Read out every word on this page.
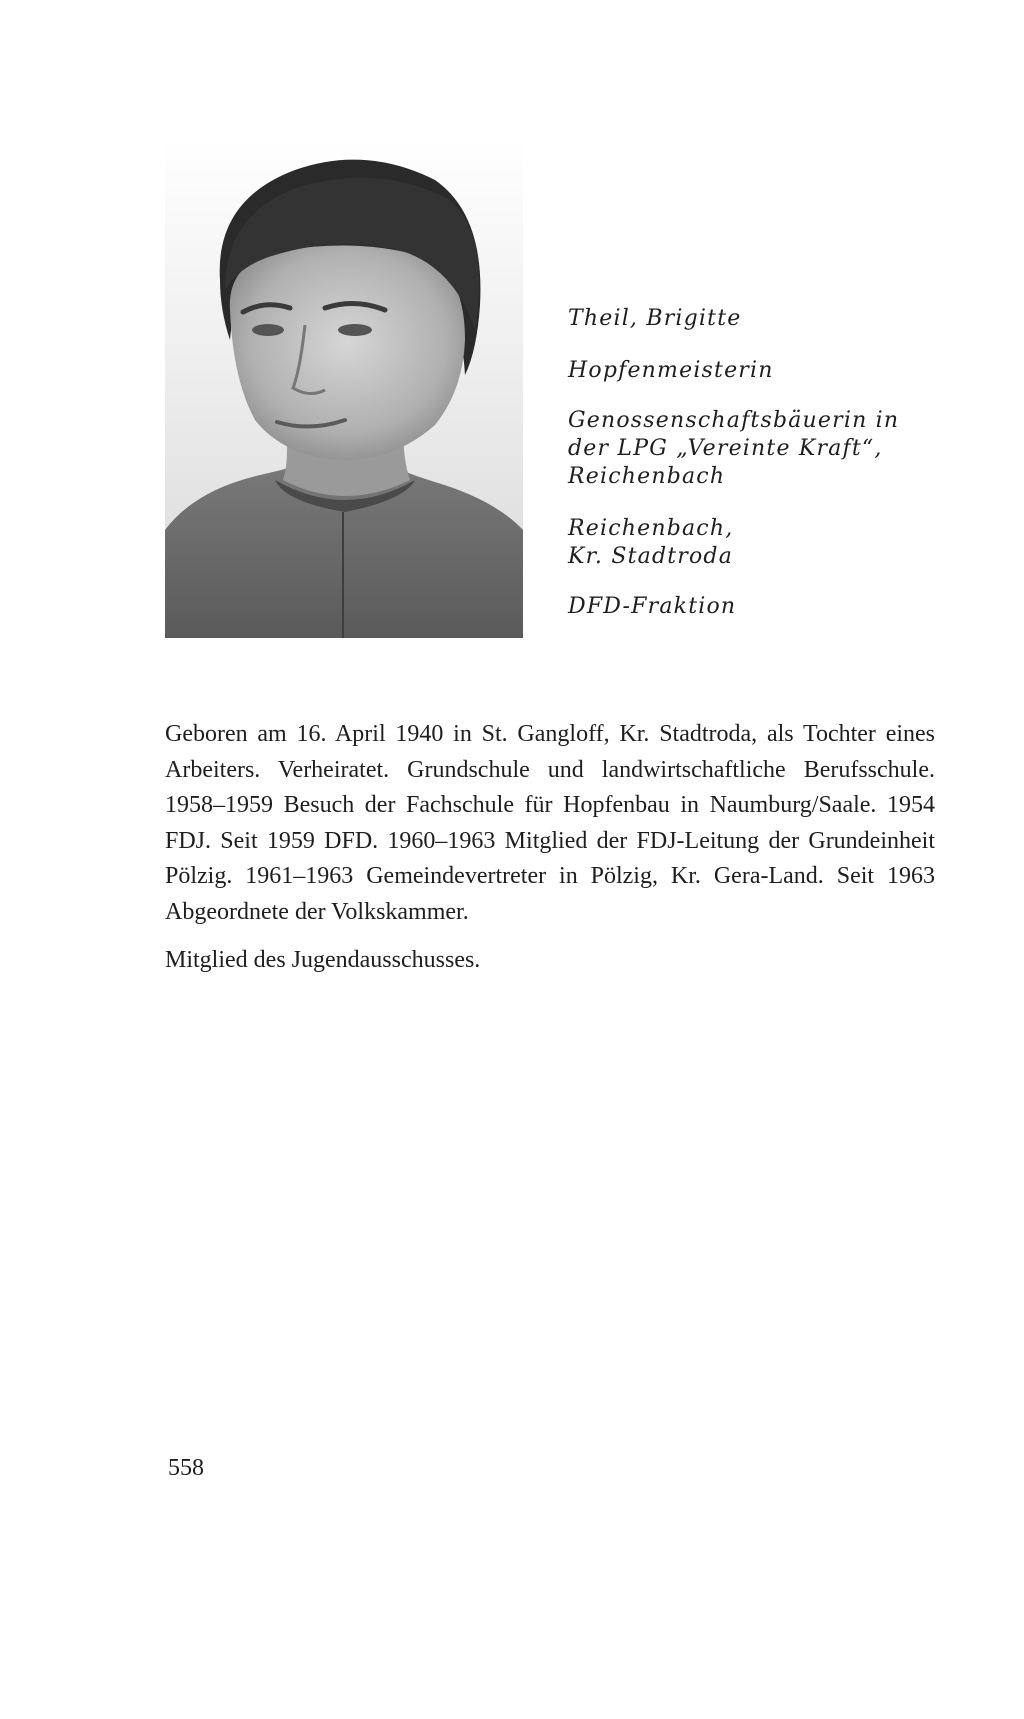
Theil, Brigitte

Hopfenmeisterin

Genossenschaftsbäuerin in
der LPG „Vereinte Kraft“,
Reichenbach

Reichenbach,
Kr. Stadtroda

DFD-Fraktion

Geboren am 16. April 1940 in St. Gangloff, Kr. Stadtroda, als Tochter eines Arbeiters. Verheiratet. Grundschule und landwirtschaftliche Berufsschule. 1958–1959 Besuch der Fachschule für Hopfenbau in Naumburg/Saale. 1954 FDJ. Seit 1959 DFD. 1960–1963 Mitglied der FDJ-Leitung der Grundeinheit Pölzig. 1961–1963 Gemeindevertreter in Pölzig, Kr. Gera-Land. Seit 1963 Abgeordnete der Volkskammer.

Mitglied des Jugendausschusses.

558
